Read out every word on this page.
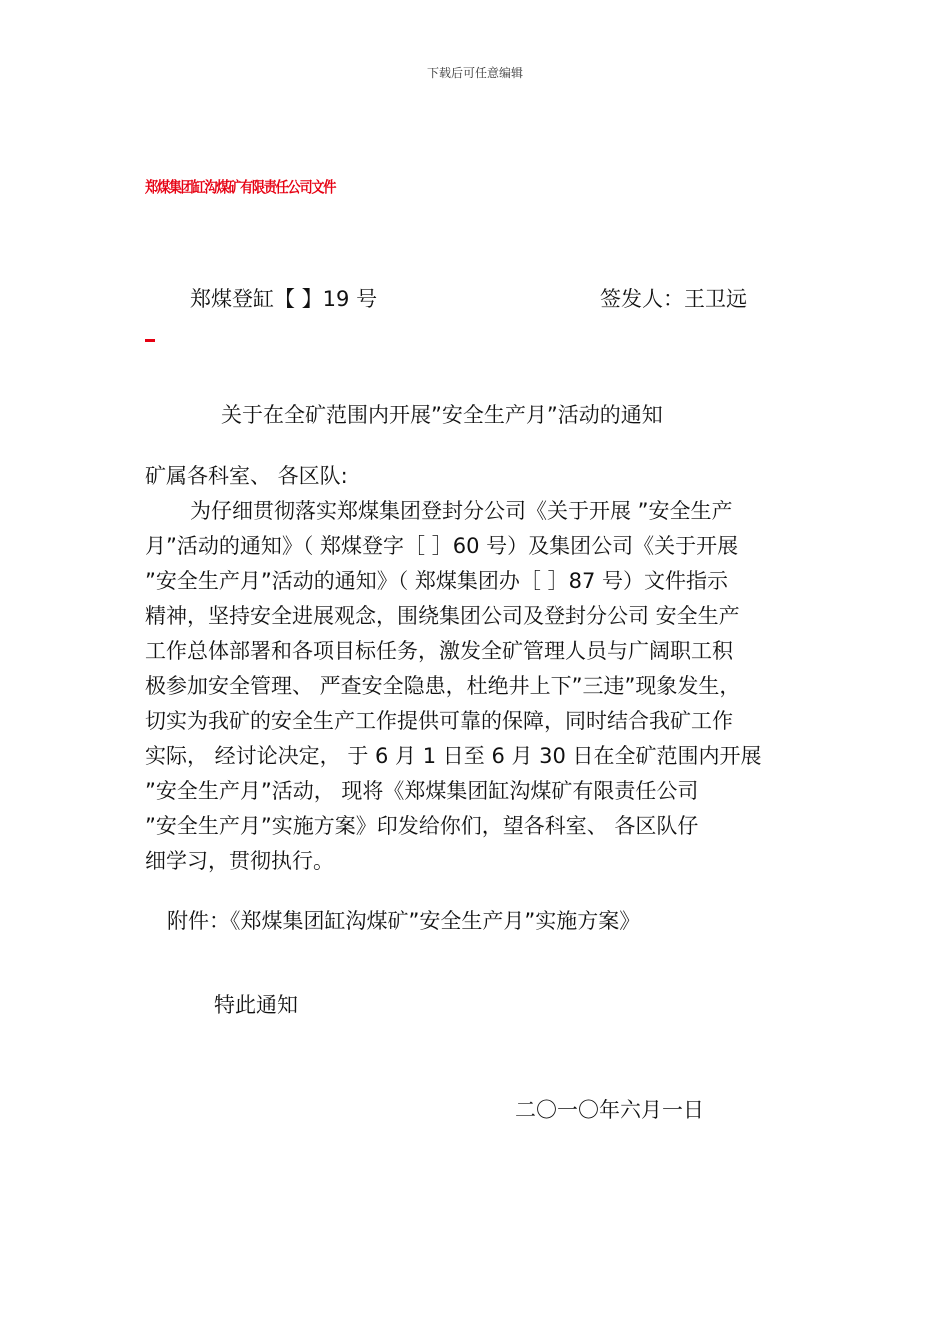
下载后可任意编辑
郑煤集团缸沟煤矿有限责任公司文件
郑煤登缸【 】19 号	签发人：王卫远
关于在全矿范围内开展”安全生产月”活动的通知
矿属各科室、 各区队:
为仔细贯彻落实郑煤集团登封分公司《关于开展 ”安全生产
月”活动的通知》（ 郑煤登字［ ］60 号）及集团公司《关于开展
”安全生产月”活动的通知》（ 郑煤集团办［ ］87 号）文件指示
精神，坚持安全进展观念，围绕集团公司及登封分公司 安全生产
工作总体部署和各项目标任务，激发全矿管理人员与广阔职工积
极参加安全管理、 严查安全隐患，杜绝井上下”三违”现象发生，
切实为我矿的安全生产工作提供可靠的保障，同时结合我矿工作
实际， 经讨论决定， 于 6 月 1 日至 6 月 30 日在全矿范围内开展
”安全生产月”活动， 现将《郑煤集团缸沟煤矿有限责任公司
”安全生产月”实施方案》印发给你们，望各科室、 各区队仔
细学习，贯彻执行。
附件：《郑煤集团缸沟煤矿”安全生产月”实施方案》
特此通知
二〇一〇年六月一日
